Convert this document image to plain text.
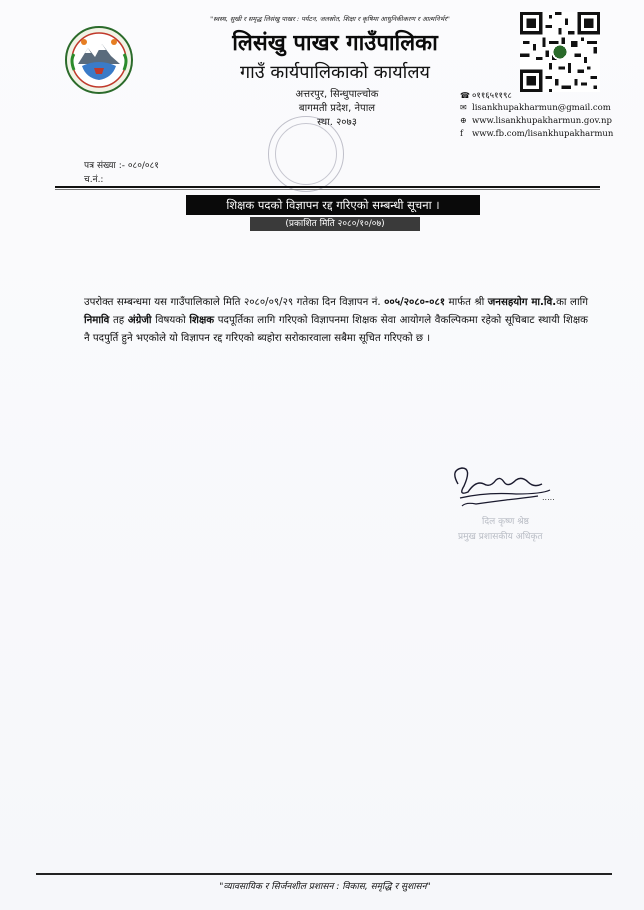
"स्वस्थ, सुखी र समृद्ध लिसंखु पाखर : पर्यटन, जलस्रोत, शिक्षा र कृषिमा आधुनिकीकरण र आत्मनिर्भर"
लिसंखु पाखर गाउँपालिका
गाउँ कार्यपालिकाको कार्यालय
अत्तरपुर, सिन्धुपाल्चोक
बागमती प्रदेश, नेपाल
स्था. २०७३
☎ ०११६५११९८
✉ lisankhupakharmun@gmail.com
⊕ www.lisankhupakharmun.gov.np
f www.fb.com/lisankhupakharmun
पत्र संख्या :- ०८०/०८१
च.नं.:
शिक्षक पदको विज्ञापन रद्द गरिएको सम्बन्धी सूचना ।
(प्रकाशित मिति २०८०/१०/०७)
उपरोक्त सम्बन्धमा यस गाउँपालिकाले मिति २०८०/०९/२९ गतेका दिन विज्ञापन नं. ००५/२०८०-०८१ मार्फत श्री जनसहयोग मा.वि.का लागि निमावि तह अंग्रेजी विषयको शिक्षक पदपूर्तिका लागि गरिएको विज्ञापनमा शिक्षक सेवा आयोगले वैकल्पिकमा रहेको सूचिबाट स्थायी शिक्षक नै पदपुर्ति हुने भएकोले यो विज्ञापन रद्द गरिएको ब्यहोरा सरोकारवाला सबैमा सूचित गरिएको छ ।
.....
दिल कृष्ण श्रेष्ठ
प्रमुख प्रशासकीय अधिकृत
"व्यावसायिक र सिर्जनशील प्रशासन : विकास, समृद्धि र सुशासन"
